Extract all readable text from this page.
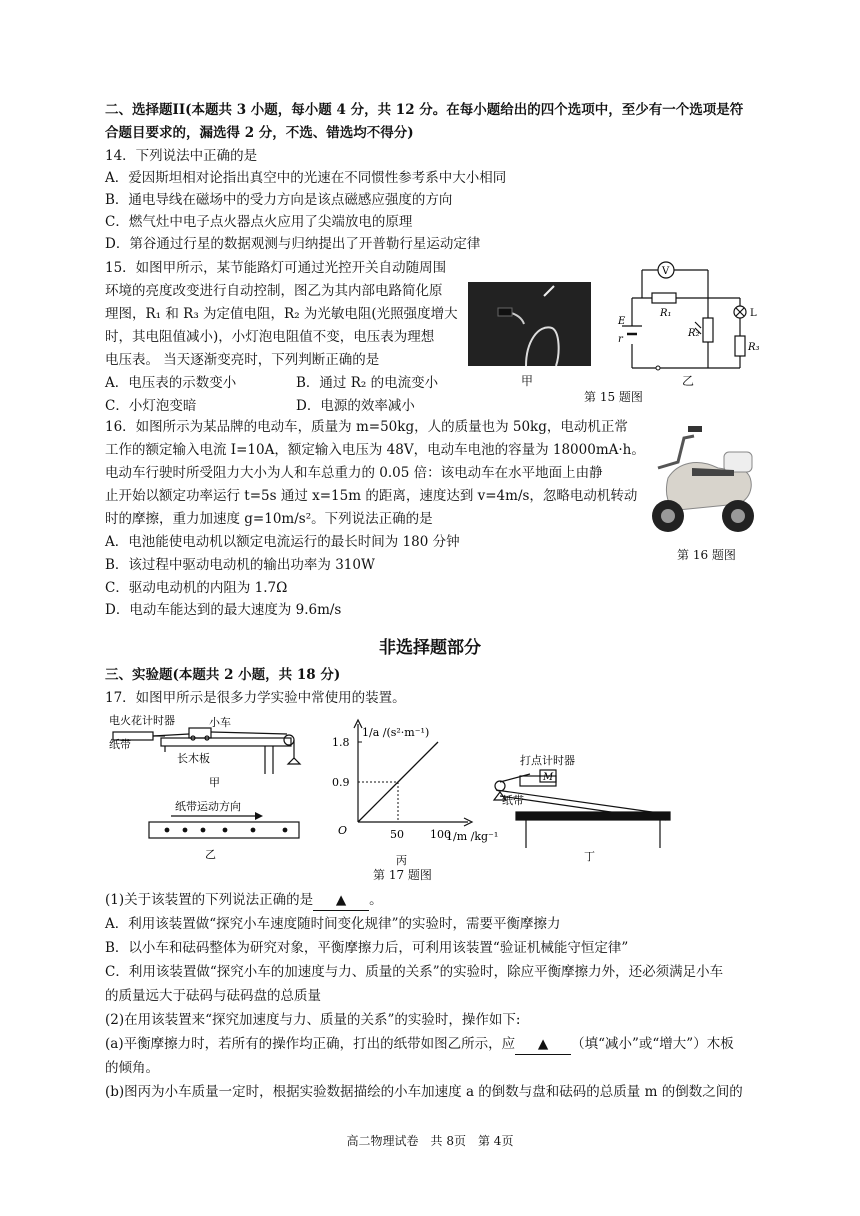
二、选择题II(本题共 3 小题，每小题 4 分，共 12 分。在每小题给出的四个选项中，至少有一个选项是符
合题目要求的，漏选得 2 分，不选、错选均不得分)
14．下列说法中正确的是
A．爱因斯坦相对论指出真空中的光速在不同惯性参考系中大小相同
B．通电导线在磁场中的受力方向是该点磁感应强度的方向
C．燃气灶中电子点火器点火应用了尖端放电的原理
D．第谷通过行星的数据观测与归纳提出了开普勒行星运动定律
15．如图甲所示，某节能路灯可通过光控开关自动随周围
环境的亮度改变进行自动控制，图乙为其内部电路简化原
理图，R₁ 和 R₃ 为定值电阻，R₂ 为光敏电阻(光照强度增大
时，其电阻值减小)，小灯泡电阻值不变，电压表为理想
电压表。 当天逐渐变亮时，下列判断正确的是
A．电压表的示数变小	B．通过 R₂ 的电流变小
C．小灯泡变暗	D．电源的效率减小
甲
V
R₁
R₂
R₃
L
E
r
乙
第 15 题图
16．如图所示为某品牌的电动车，质量为 m=50kg，人的质量也为 50kg，电动机正常
工作的额定输入电流 I=10A，额定输入电压为 48V，电动车电池的容量为 18000mA·h。
电动车行驶时所受阻力大小为人和车总重力的 0.05 倍：该电动车在水平地面上由静
止开始以额定功率运行 t=5s 通过 x=15m 的距离，速度达到 v=4m/s，忽略电动机转动
时的摩擦，重力加速度 g=10m/s²。下列说法正确的是
A．电池能使电动机以额定电流运行的最长时间为 180 分钟
B．该过程中驱动电动机的输出功率为 310W
C．驱动电动机的内阻为 1.7Ω
D．电动车能达到的最大速度为 9.6m/s
第 16 题图
非选择题部分
三、实验题(本题共 2 小题，共 18 分)
17．如图甲所示是很多力学实验中常使用的装置。
电火花计时器	小车
纸带
长木板
甲
纸带运动方向
乙
50 100
0.9
1.8
1/a /(s²·m⁻¹)
1/m /kg⁻¹
O
丙
打点计时器
M
纸带
丁
第 17 题图
(1)关于该装置的下列说法正确的是 ▲ 。
A．利用该装置做“探究小车速度随时间变化规律”的实验时，需要平衡摩擦力
B．以小车和砝码整体为研究对象，平衡摩擦力后，可利用该装置“验证机械能守恒定律”
C．利用该装置做“探究小车的加速度与力、质量的关系”的实验时，除应平衡摩擦力外，还必须满足小车
的质量远大于砝码与砝码盘的总质量
(2)在用该装置来“探究加速度与力、质量的关系”的实验时，操作如下:
(a)平衡摩擦力时，若所有的操作均正确，打出的纸带如图乙所示，应 ▲ （填“减小”或“增大”）木板
的倾角。
(b)图丙为小车质量一定时，根据实验数据描绘的小车加速度 a 的倒数与盘和砝码的总质量 m 的倒数之间的
高二物理试卷　共 8页　第 4页
